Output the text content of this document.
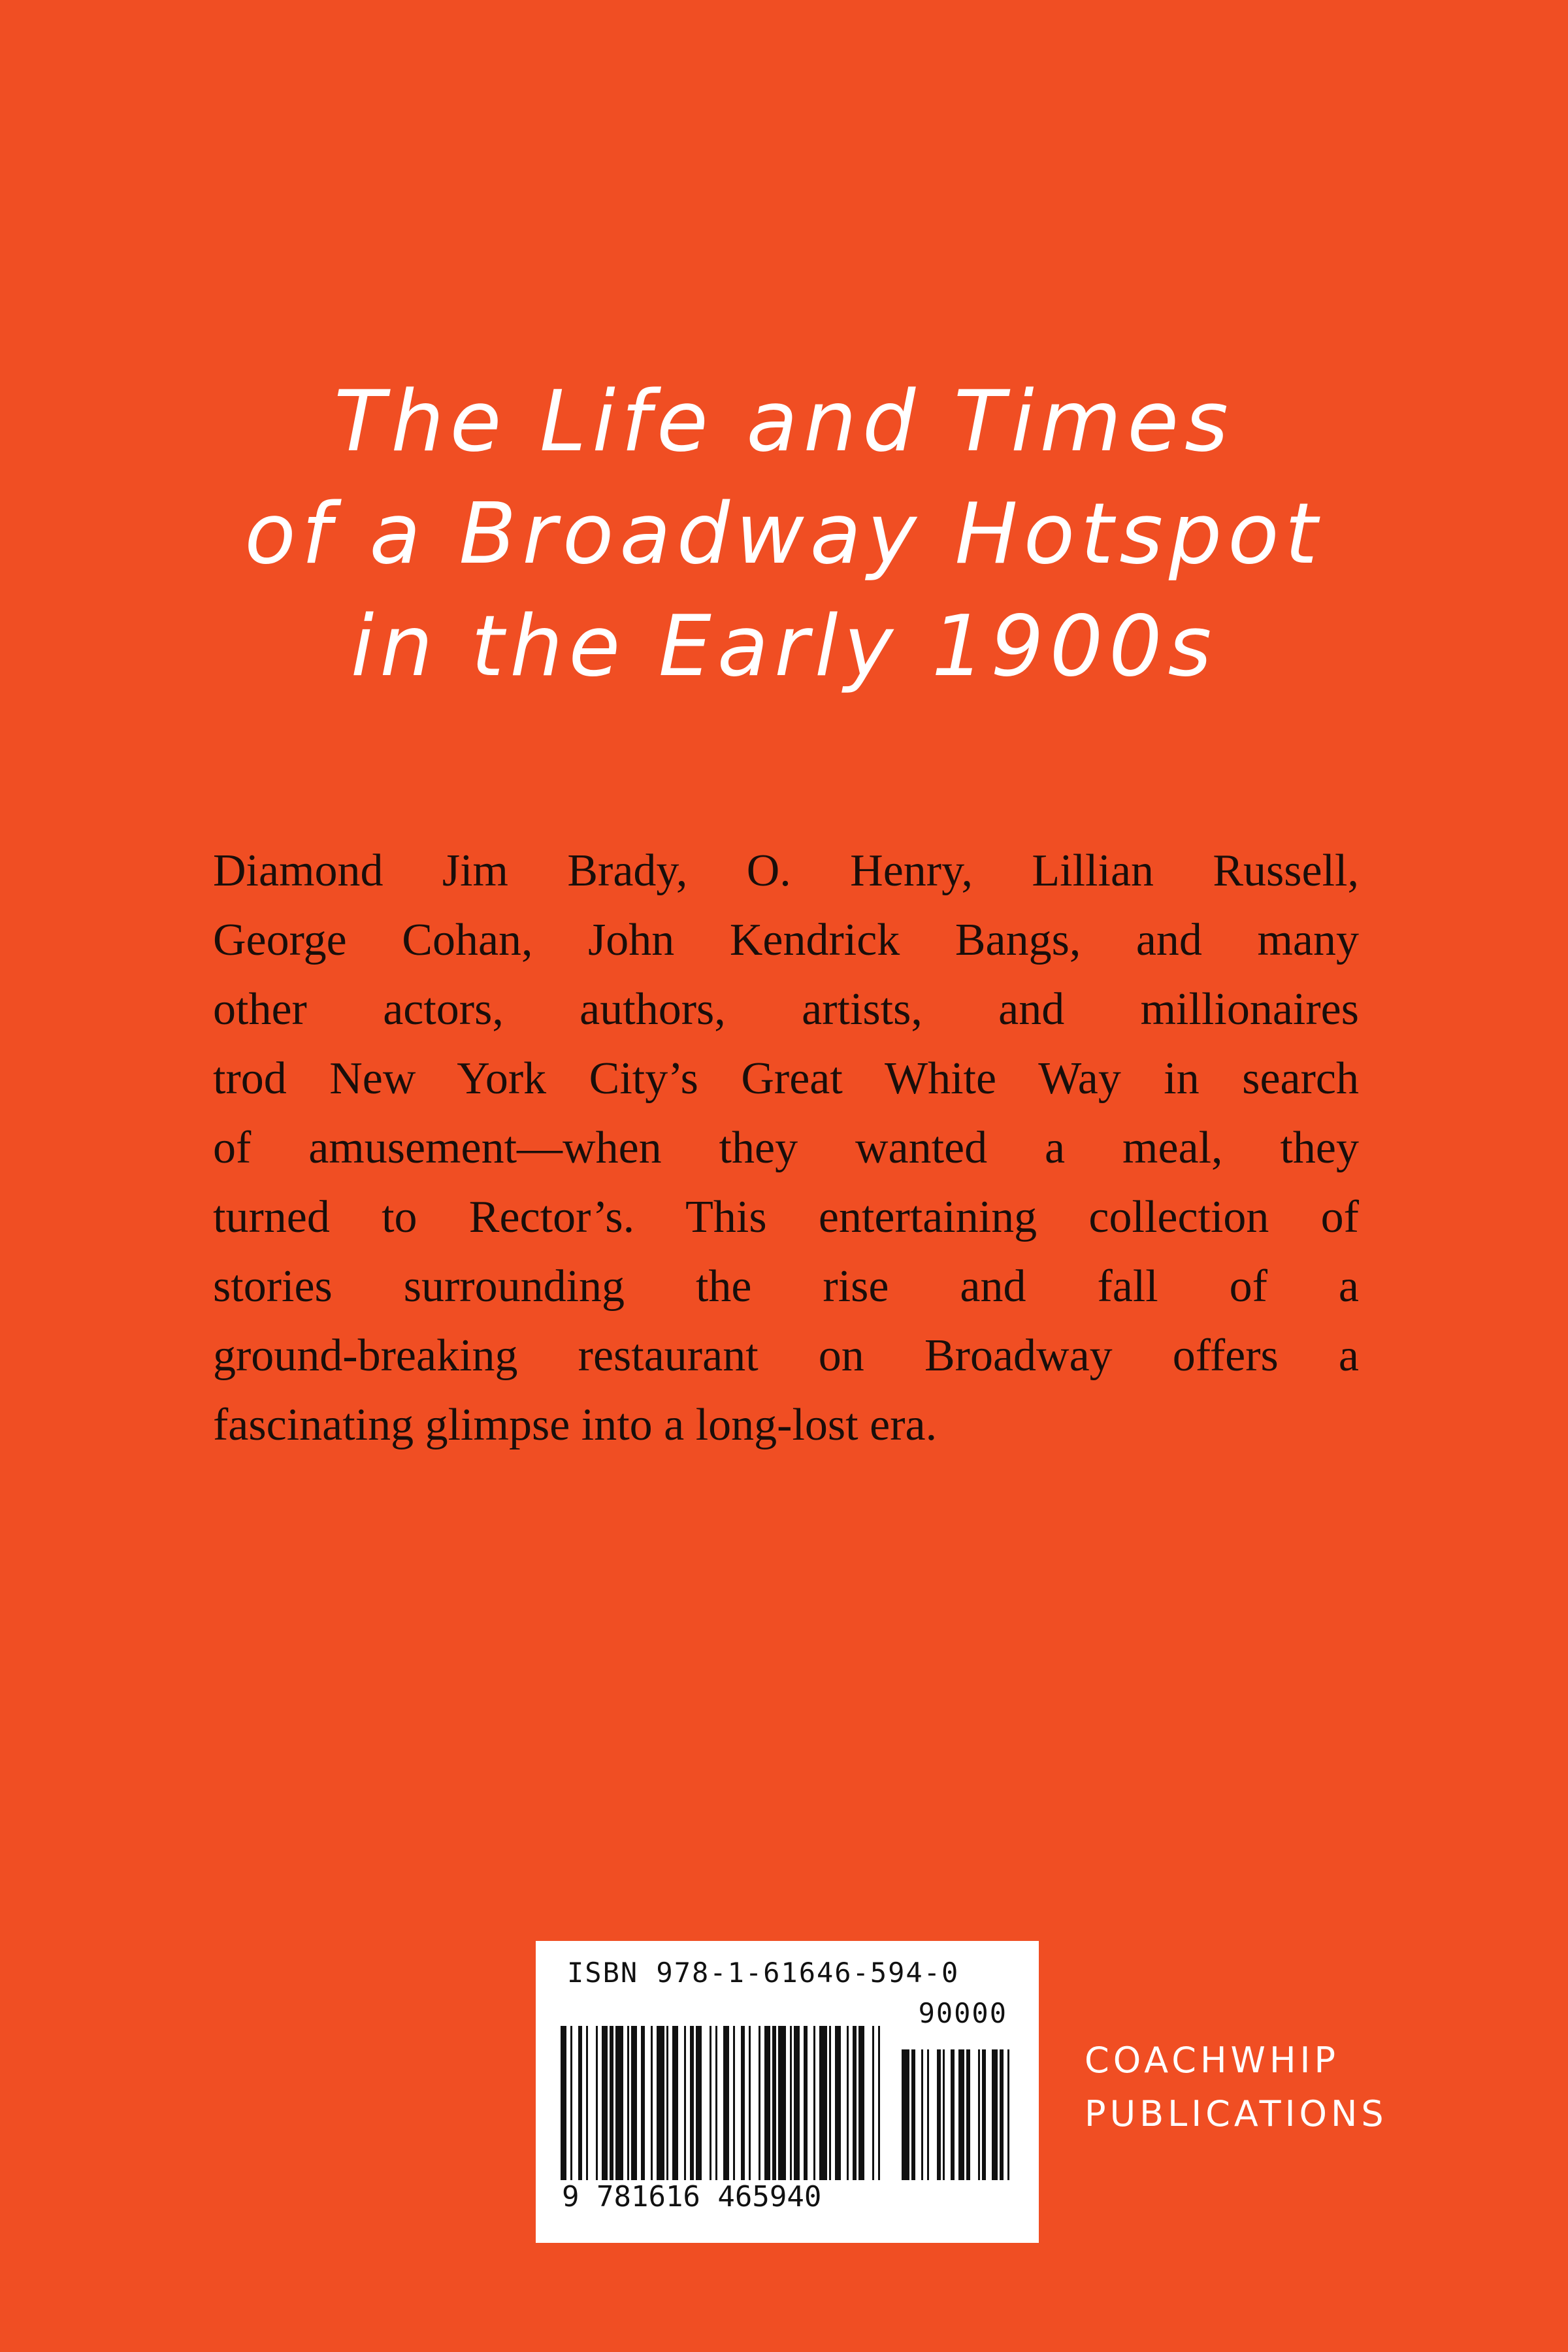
The Life and Times
of a Broadway Hotspot
in the Early 1900s
Diamond Jim Brady, O. Henry, Lillian Russell,
George Cohan, John Kendrick Bangs, and many
other actors, authors, artists, and millionaires
trod New York City’s Great White Way in search
of amusement—when they wanted a meal, they
turned to Rector’s. This entertaining collection of
stories surrounding the rise and fall of a
ground-breaking restaurant on Broadway offers a
fascinating glimpse into a long-lost era.
ISBN 978-1-61646-594-0
90000
9 781616 465940
COACHWHIP
PUBLICATIONS
